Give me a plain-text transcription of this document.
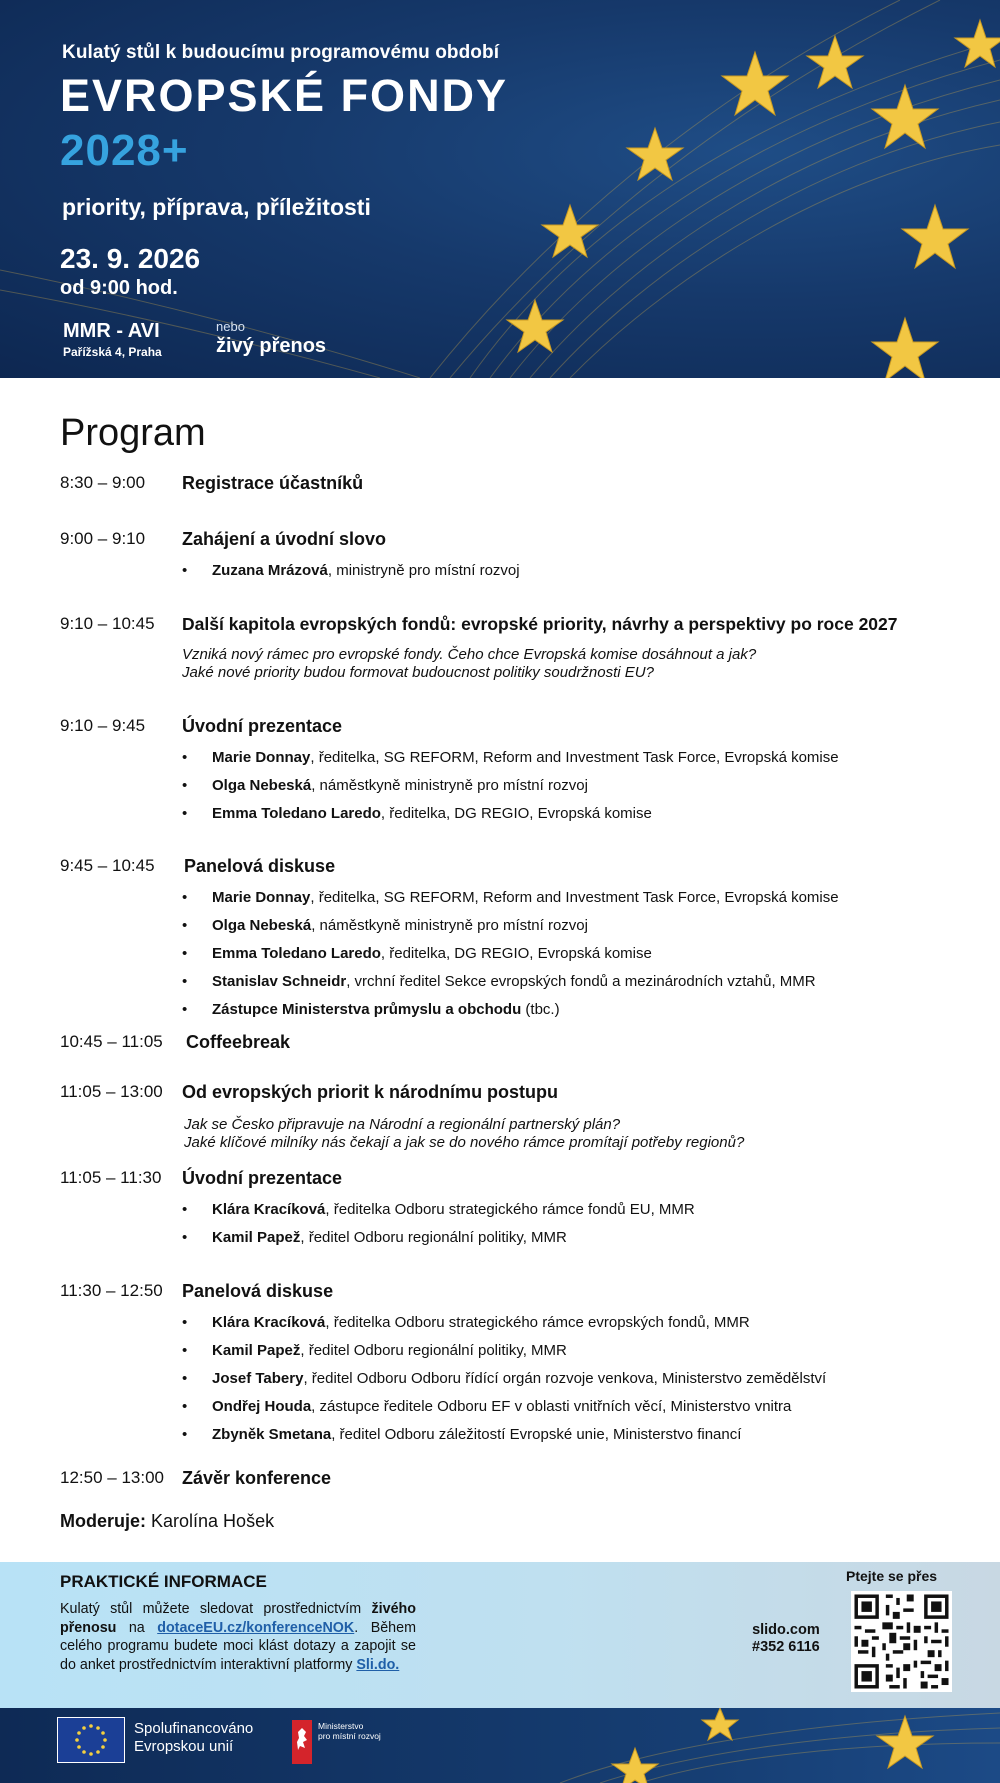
Kulatý stůl k budoucímu programovému období
EVROPSKÉ FONDY
2028+
priority, příprava, příležitosti
23. 9. 2026
od 9:00 hod.
MMR - AVI
Pařížská 4, Praha
nebo
živý přenos
Program
8:30 – 9:00 Registrace účastníků
9:00 – 9:10 Zahájení a úvodní slovo
• Zuzana Mrázová, ministryně pro místní rozvoj
9:10 – 10:45 Další kapitola evropských fondů: evropské priority, návrhy a perspektivy po roce 2027
Vzniká nový rámec pro evropské fondy. Čeho chce Evropská komise dosáhnout a jak?
Jaké nové priority budou formovat budoucnost politiky soudržnosti EU?
9:10 – 9:45 Úvodní prezentace
• Marie Donnay, ředitelka, SG REFORM, Reform and Investment Task Force, Evropská komise
• Olga Nebeská, náměstkyně ministryně pro místní rozvoj
• Emma Toledano Laredo, ředitelka, DG REGIO, Evropská komise
9:45 – 10:45 Panelová diskuse
• Marie Donnay, ředitelka, SG REFORM, Reform and Investment Task Force, Evropská komise
• Olga Nebeská, náměstkyně ministryně pro místní rozvoj
• Emma Toledano Laredo, ředitelka, DG REGIO, Evropská komise
• Stanislav Schneidr, vrchní ředitel Sekce evropských fondů a mezinárodních vztahů, MMR
• Zástupce Ministerstva průmyslu a obchodu (tbc.)
10:45 – 11:05 Coffeebreak
11:05 – 13:00 Od evropských priorit k národnímu postupu
Jak se Česko připravuje na Národní a regionální partnerský plán?
Jaké klíčové milníky nás čekají a jak se do nového rámce promítají potřeby regionů?
11:05 – 11:30 Úvodní prezentace
• Klára Kracíková, ředitelka Odboru strategického rámce fondů EU, MMR
• Kamil Papež, ředitel Odboru regionální politiky, MMR
11:30 – 12:50 Panelová diskuse
• Klára Kracíková, ředitelka Odboru strategického rámce evropských fondů, MMR
• Kamil Papež, ředitel Odboru regionální politiky, MMR
• Josef Tabery, ředitel Odboru Odboru řídící orgán rozvoje venkova, Ministerstvo zemědělství
• Ondřej Houda, zástupce ředitele Odboru EF v oblasti vnitřních věcí, Ministerstvo vnitra
• Zbyněk Smetana, ředitel Odboru záležitostí Evropské unie, Ministerstvo financí
12:50 – 13:00 Závěr konference
Moderuje: Karolína Hošek
PRAKTICKÉ INFORMACE
Kulatý stůl můžete sledovat prostřednictvím živého přenosu na dotaceEU.cz/konferenceNOK. Během celého programu budete moci klást dotazy a zapojit se do anket prostřednictvím interaktivní platformy Sli.do.
Ptejte se přes
slido.com
#352 6116
Spolufinancováno
Evropskou unií
Ministerstvo
pro místní rozvoj
